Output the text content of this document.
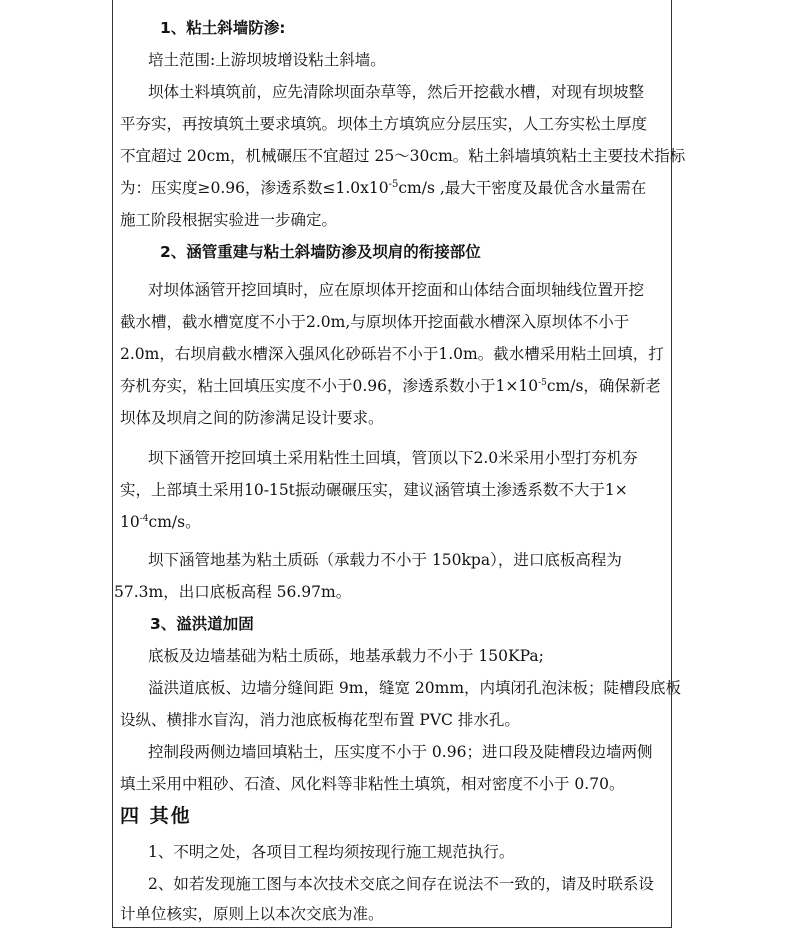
1、粘土斜墙防渗:
培土范围:上游坝坡增设粘土斜墙。
坝体土料填筑前，应先清除坝面杂草等，然后开挖截水槽，对现有坝坡整
平夯实，再按填筑土要求填筑。坝体土方填筑应分层压实，人工夯实松土厚度
不宜超过 20cm，机械碾压不宜超过 25～30cm。粘土斜墙填筑粘土主要技术指标
为：压实度≥0.96，渗透系数$\le 1.0x10^{-5}cm/s$ ,最大干密度及最优含水量需在
施工阶段根据实验进一步确定。
2、涵管重建与粘土斜墙防渗及坝肩的衔接部位
对坝体涵管开挖回填时，应在原坝体开挖面和山体结合面坝轴线位置开挖
截水槽，截水槽宽度不小于2.0m,与原坝体开挖面截水槽深入原坝体不小于
2.0m，右坝肩截水槽深入强风化砂砾岩不小于1.0m。截水槽采用粘土回填，打
夯机夯实，粘土回填压实度不小于0.96，渗透系数小于$1\times 10^{-5}cm/s$，确保新老
坝体及坝肩之间的防渗满足设计要求。
坝下涵管开挖回填土采用粘性土回填，管顶以下2.0米采用小型打夯机夯
实，上部填土采用10-15t振动碾碾压实，建议涵管填土渗透系数不大于1×
$10^{-4}cm/s$。
坝下涵管地基为粘土质砾（承载力不小于 150kpa），进口底板高程为
57.3m，出口底板高程 56.97m。
3、溢洪道加固
底板及边墙基础为粘土质砾，地基承载力不小于 150KPa;
溢洪道底板、边墙分缝间距 9m，缝宽 20mm，内填闭孔泡沫板；陡槽段底板
设纵、横排水盲沟，消力池底板梅花型布置 PVC 排水孔。
控制段两侧边墙回填粘土，压实度不小于 0.96；进口段及陡槽段边墙两侧
填土采用中粗砂、石渣、风化料等非粘性土填筑，相对密度不小于 0.70。
四 其他
1、不明之处，各项目工程均须按现行施工规范执行。
2、如若发现施工图与本次技术交底之间存在说法不一致的，请及时联系设
计单位核实，原则上以本次交底为准。
